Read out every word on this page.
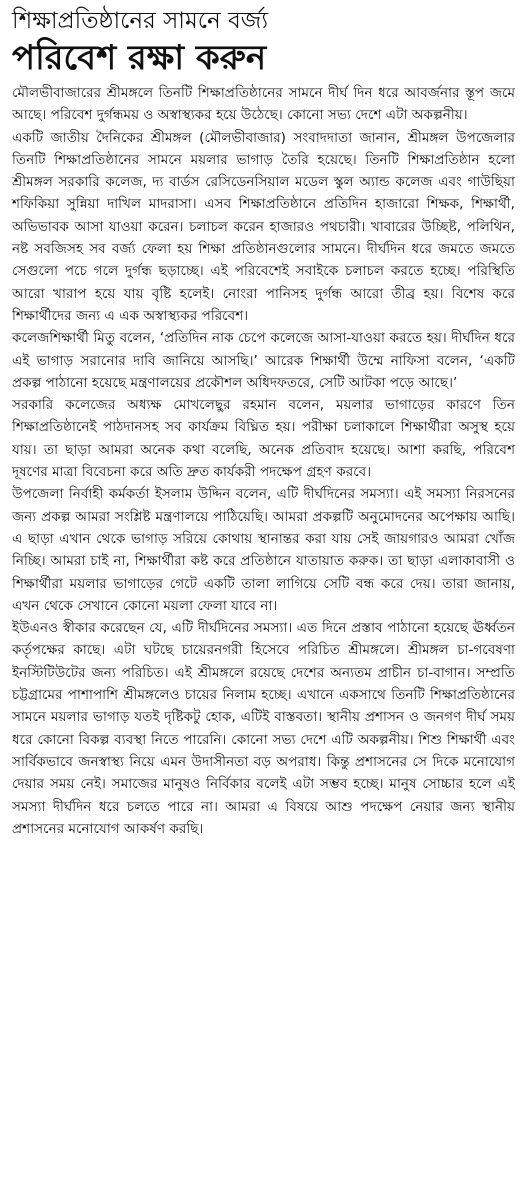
শিক্ষাপ্রতিষ্ঠানের সামনে বর্জ্য
পরিবেশ রক্ষা করুন

মৌলভীবাজারের শ্রীমঙ্গলে তিনটি শিক্ষাপ্রতিষ্ঠানের সামনে দীর্ঘ দিন ধরে আবর্জনার স্তূপ জমে আছে। পরিবেশ দুর্গন্ধময় ও অস্বাস্থ্যকর হয়ে উঠেছে। কোনো সভ্য দেশে এটা অকল্পনীয়।

একটি জাতীয় দৈনিকের শ্রীমঙ্গল (মৌলভীবাজার) সংবাদদাতা জানান, শ্রীমঙ্গল উপজেলার তিনটি শিক্ষাপ্রতিষ্ঠানের সামনে ময়লার ভাগাড় তৈরি হয়েছে। তিনটি শিক্ষাপ্রতিষ্ঠান হলো শ্রীমঙ্গল সরকারি কলেজ, দ্য বার্ডস রেসিডেনসিয়াল মডেল স্কুল অ্যান্ড কলেজ এবং গাউছিয়া শফিকিয়া সুন্নিয়া দাখিল মাদরাসা। এসব শিক্ষাপ্রতিষ্ঠানে প্রতিদিন হাজারো শিক্ষক, শিক্ষার্থী, অভিভাবক আসা যাওয়া করেন। চলাচল করেন হাজারও পথচারী। খাবারের উচ্ছিষ্ট, পলিথিন, নষ্ট সবজিসহ সব বর্জ্য ফেলা হয় শিক্ষা প্রতিষ্ঠানগুলোর সামনে। দীর্ঘদিন ধরে জমতে জমতে সেগুলো পচে গলে দুর্গন্ধ ছড়াচ্ছে। এই পরিবেশেই সবাইকে চলাচল করতে হচ্ছে। পরিস্থিতি আরো খারাপ হয়ে যায় বৃষ্টি হলেই। নোংরা পানিসহ দুর্গন্ধ আরো তীব্র হয়। বিশেষ করে শিক্ষার্থীদের জন্য এ এক অস্বাস্থ্যকর পরিবেশ।

কলেজশিক্ষার্থী মিতু বলেন, ‘প্রতিদিন নাক চেপে কলেজে আসা-যাওয়া করতে হয়। দীর্ঘদিন ধরে এই ভাগাড় সরানোর দাবি জানিয়ে আসছি।’ আরেক শিক্ষার্থী উম্মে নাফিসা বলেন, ‘একটি প্রকল্প পাঠানো হয়েছে মন্ত্রণালয়ের প্রকৌশল অধিদফতরে, সেটি আটকা পড়ে আছে।’

সরকারি কলেজের অধ্যক্ষ মোখলেছুর রহমান বলেন, ময়লার ভাগাড়ের কারণে তিন শিক্ষাপ্রতিষ্ঠানেই পাঠদানসহ সব কার্যক্রম বিঘ্নিত হয়। পরীক্ষা চলাকালে শিক্ষার্থীরা অসুস্থ হয়ে যায়। তা ছাড়া আমরা অনেক কথা বলেছি, অনেক প্রতিবাদ হয়েছে। আশা করছি, পরিবেশ দূষণের মাত্রা বিবেচনা করে অতি দ্রুত কার্যকরী পদক্ষেপ গ্রহণ করবে।

উপজেলা নির্বাহী কর্মকর্তা ইসলাম উদ্দিন বলেন, এটি দীর্ঘদিনের সমস্যা। এই সমস্যা নিরসনের জন্য প্রকল্প আমরা সংশ্লিষ্ট মন্ত্রণালয়ে পাঠিয়েছি। আমরা প্রকল্পটি অনুমোদনের অপেক্ষায় আছি। এ ছাড়া এখান থেকে ভাগাড় সরিয়ে কোথায় স্থানান্তর করা যায় সেই জায়গারও আমরা খোঁজ নিচ্ছি। আমরা চাই না, শিক্ষার্থীরা কষ্ট করে প্রতিষ্ঠানে যাতায়াত করুক। তা ছাড়া এলাকাবাসী ও শিক্ষার্থীরা ময়লার ভাগাড়ের গেটে একটি তালা লাগিয়ে সেটি বন্ধ করে দেয়। তারা জানায়, এখন থেকে সেখানে কোনো ময়লা ফেলা যাবে না।

ইউএনও স্বীকার করেছেন যে, এটি দীর্ঘদিনের সমস্যা। এত দিনে প্রস্তাব পাঠানো হয়েছে ঊর্ধ্বতন কর্তৃপক্ষের কাছে। এটা ঘটছে চায়েরনগরী হিসেবে পরিচিত শ্রীমঙ্গলে। শ্রীমঙ্গল চা-গবেষণা ইনস্টিটিউটের জন্য পরিচিত। এই শ্রীমঙ্গলে রয়েছে দেশের অন্যতম প্রাচীন চা-বাগান। সম্প্রতি চট্টগ্রামের পাশাপাশি শ্রীমঙ্গলেও চায়ের নিলাম হচ্ছে। এখানে একসাথে তিনটি শিক্ষাপ্রতিষ্ঠানের সামনে ময়লার ভাগাড় যতই দৃষ্টিকটু হোক, এটিই বাস্তবতা। স্থানীয় প্রশাসন ও জনগণ দীর্ঘ সময় ধরে কোনো বিকল্প ব্যবস্থা নিতে পারেনি। কোনো সভ্য দেশে এটি অকল্পনীয়। শিশু শিক্ষার্থী এবং সার্বিকভাবে জনস্বাস্থ্য নিয়ে এমন উদাসীনতা বড় অপরাধ। কিন্তু প্রশাসনের সে দিকে মনোযোগ দেয়ার সময় নেই। সমাজের মানুষও নির্বিকার বলেই এটা সম্ভব হচ্ছে। মানুষ সোচ্চার হলে এই সমস্যা দীর্ঘদিন ধরে চলতে পারে না। আমরা এ বিষয়ে আশু পদক্ষেপ নেয়ার জন্য স্থানীয় প্রশাসনের মনোযোগ আকর্ষণ করছি।
